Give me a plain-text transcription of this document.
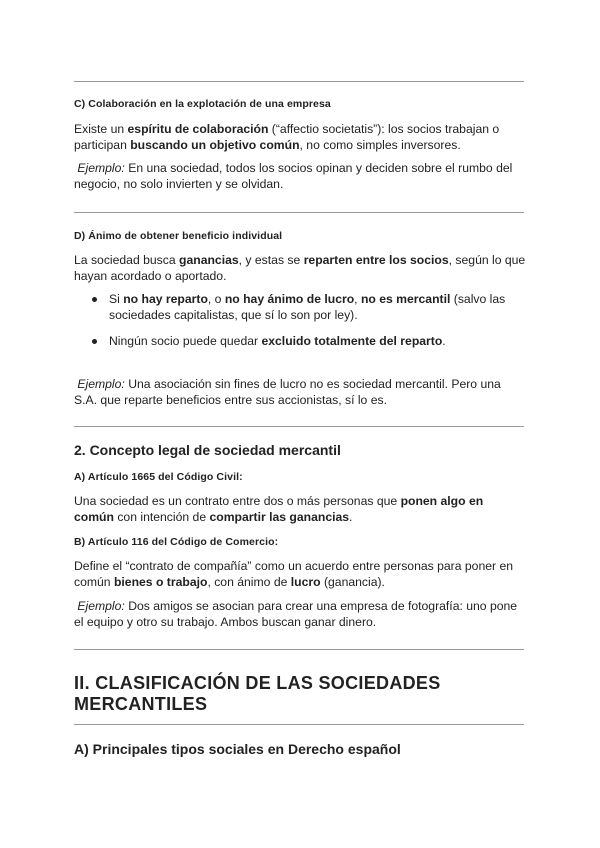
C) Colaboración en la explotación de una empresa
Existe un espíritu de colaboración (“affectio societatis”): los socios trabajan o participan buscando un objetivo común, no como simples inversores.
Ejemplo: En una sociedad, todos los socios opinan y deciden sobre el rumbo del negocio, no solo invierten y se olvidan.
D) Ánimo de obtener beneficio individual
La sociedad busca ganancias, y estas se reparten entre los socios, según lo que hayan acordado o aportado.
Si no hay reparto, o no hay ánimo de lucro, no es mercantil (salvo las sociedades capitalistas, que sí lo son por ley).
Ningún socio puede quedar excluido totalmente del reparto.
Ejemplo: Una asociación sin fines de lucro no es sociedad mercantil. Pero una S.A. que reparte beneficios entre sus accionistas, sí lo es.
2. Concepto legal de sociedad mercantil
A) Artículo 1665 del Código Civil:
Una sociedad es un contrato entre dos o más personas que ponen algo en común con intención de compartir las ganancias.
B) Artículo 116 del Código de Comercio:
Define el “contrato de compañía” como un acuerdo entre personas para poner en común bienes o trabajo, con ánimo de lucro (ganancia).
Ejemplo: Dos amigos se asocian para crear una empresa de fotografía: uno pone el equipo y otro su trabajo. Ambos buscan ganar dinero.
II. CLASIFICACIÓN DE LAS SOCIEDADES
MERCANTILES
A) Principales tipos sociales en Derecho español
